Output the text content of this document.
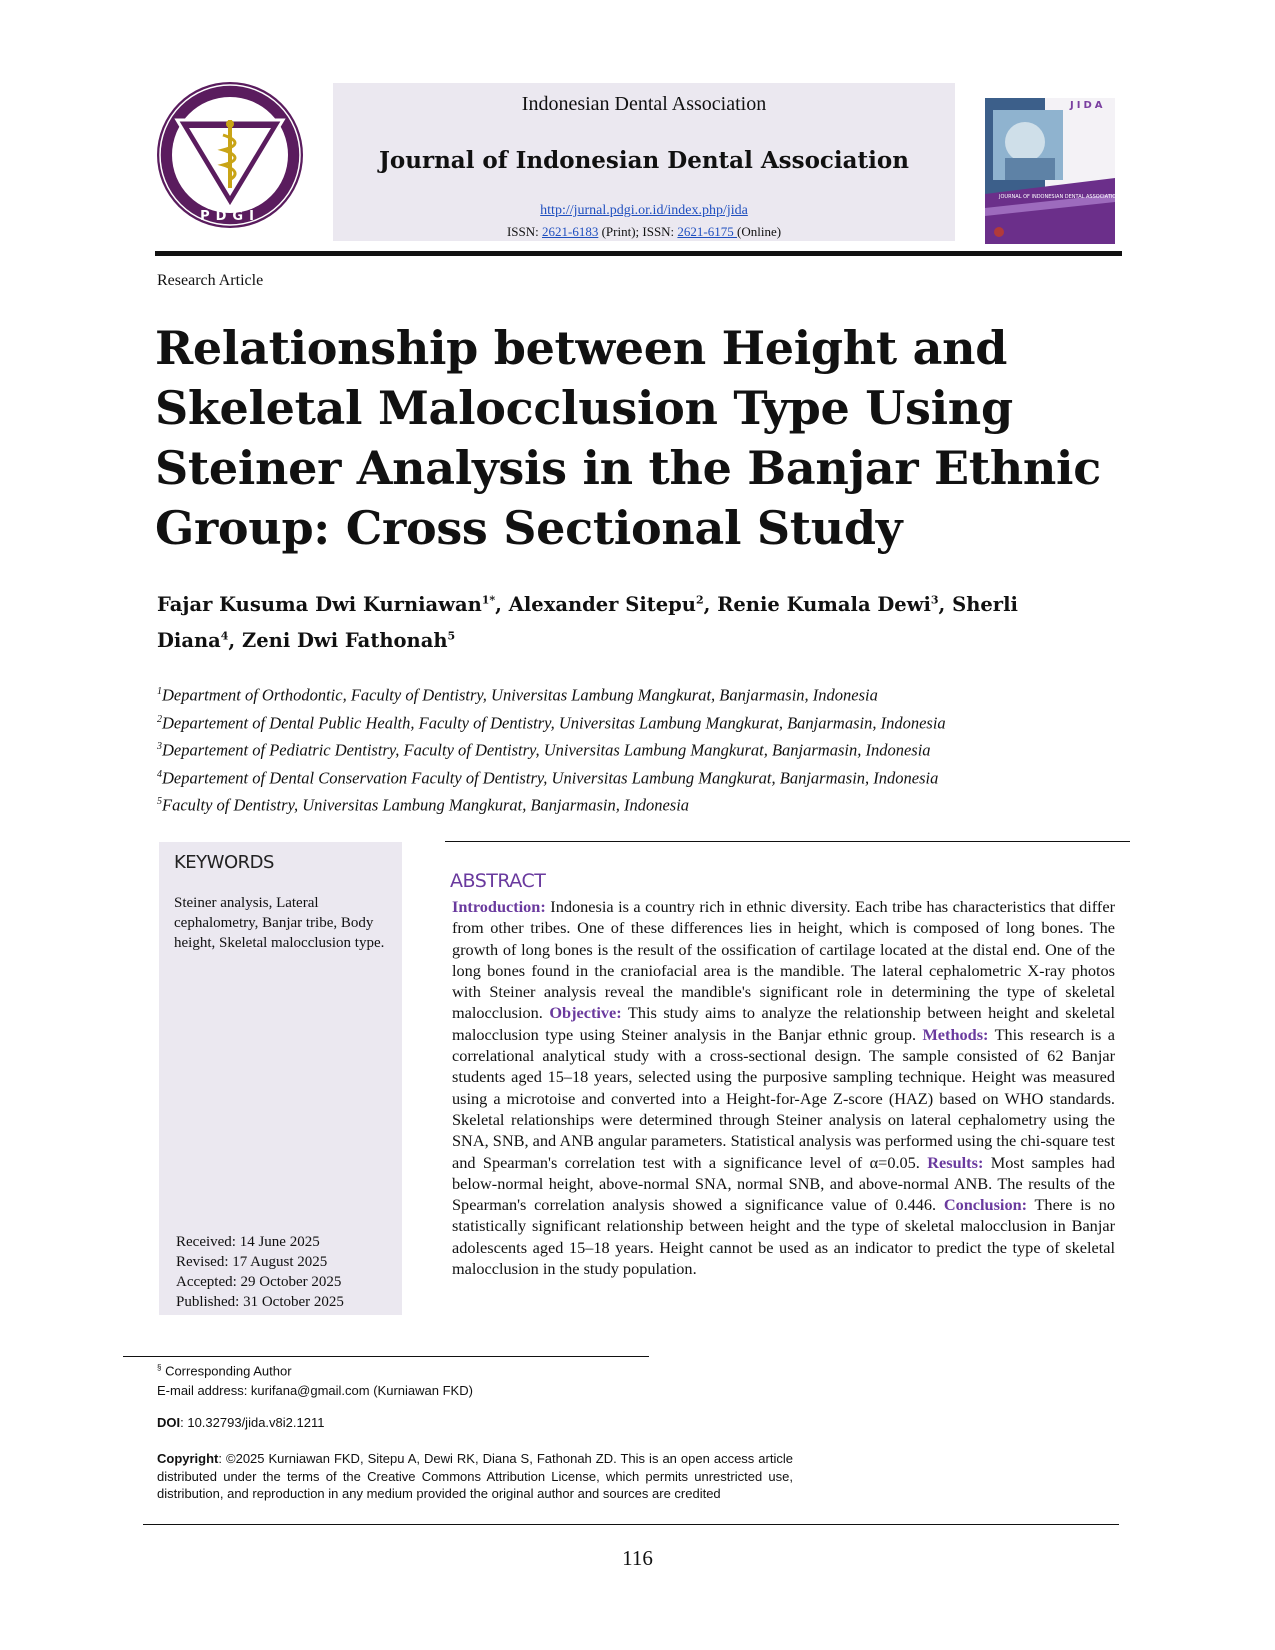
PDGI
Indonesian Dental Association
Journal of Indonesian Dental Association
http://jurnal.pdgi.or.id/index.php/jida
ISSN: 2621-6183 (Print); ISSN: 2621-6175 (Online)
JIDA
JOURNAL OF INDONESIAN DENTAL ASSOCIATION
Research Article
Relationship between Height and Skeletal Malocclusion Type Using Steiner Analysis in the Banjar Ethnic Group: Cross Sectional Study
Fajar Kusuma Dwi Kurniawan$^{1*}$, Alexander Sitepu$^2$, Renie Kumala Dewi$^3$, Sherli Diana$^4$, Zeni Dwi Fathonah$^5$
$^1$Department of Orthodontic, Faculty of Dentistry, Universitas Lambung Mangkurat, Banjarmasin, Indonesia
$^2$Departement of Dental Public Health, Faculty of Dentistry, Universitas Lambung Mangkurat, Banjarmasin, Indonesia
$^3$Departement of Pediatric Dentistry, Faculty of Dentistry, Universitas Lambung Mangkurat, Banjarmasin, Indonesia
$^4$Departement of Dental Conservation Faculty of Dentistry, Universitas Lambung Mangkurat, Banjarmasin, Indonesia
$^5$Faculty of Dentistry, Universitas Lambung Mangkurat, Banjarmasin, Indonesia
KEYWORDS
Steiner analysis, Lateral cephalometry, Banjar tribe, Body height, Skeletal malocclusion type.
Received: 14 June 2025
Revised: 17 August 2025
Accepted: 29 October 2025
Published: 31 October 2025
ABSTRACT
Introduction: Indonesia is a country rich in ethnic diversity. Each tribe has characteristics that differ from other tribes. One of these differences lies in height, which is composed of long bones. The growth of long bones is the result of the ossification of cartilage located at the distal end. One of the long bones found in the craniofacial area is the mandible. The lateral cephalometric X-ray photos with Steiner analysis reveal the mandible's significant role in determining the type of skeletal malocclusion. Objective: This study aims to analyze the relationship between height and skeletal malocclusion type using Steiner analysis in the Banjar ethnic group. Methods: This research is a correlational analytical study with a cross-sectional design. The sample consisted of 62 Banjar students aged 15–18 years, selected using the purposive sampling technique. Height was measured using a microtoise and converted into a Height-for-Age Z-score (HAZ) based on WHO standards. Skeletal relationships were determined through Steiner analysis on lateral cephalometry using the SNA, SNB, and ANB angular parameters. Statistical analysis was performed using the chi-square test and Spearman's correlation test with a significance level of α=0.05. Results: Most samples had below-normal height, above-normal SNA, normal SNB, and above-normal ANB. The results of the Spearman's correlation analysis showed a significance value of 0.446. Conclusion: There is no statistically significant relationship between height and the type of skeletal malocclusion in Banjar adolescents aged 15–18 years. Height cannot be used as an indicator to predict the type of skeletal malocclusion in the study population.
§ Corresponding Author
E-mail address: kurifana@gmail.com (Kurniawan FKD)
DOI: 10.32793/jida.v8i2.1211
Copyright: ©2025 Kurniawan FKD, Sitepu A, Dewi RK, Diana S, Fathonah ZD. This is an open access article distributed under the terms of the Creative Commons Attribution License, which permits unrestricted use, distribution, and reproduction in any medium provided the original author and sources are credited
116
